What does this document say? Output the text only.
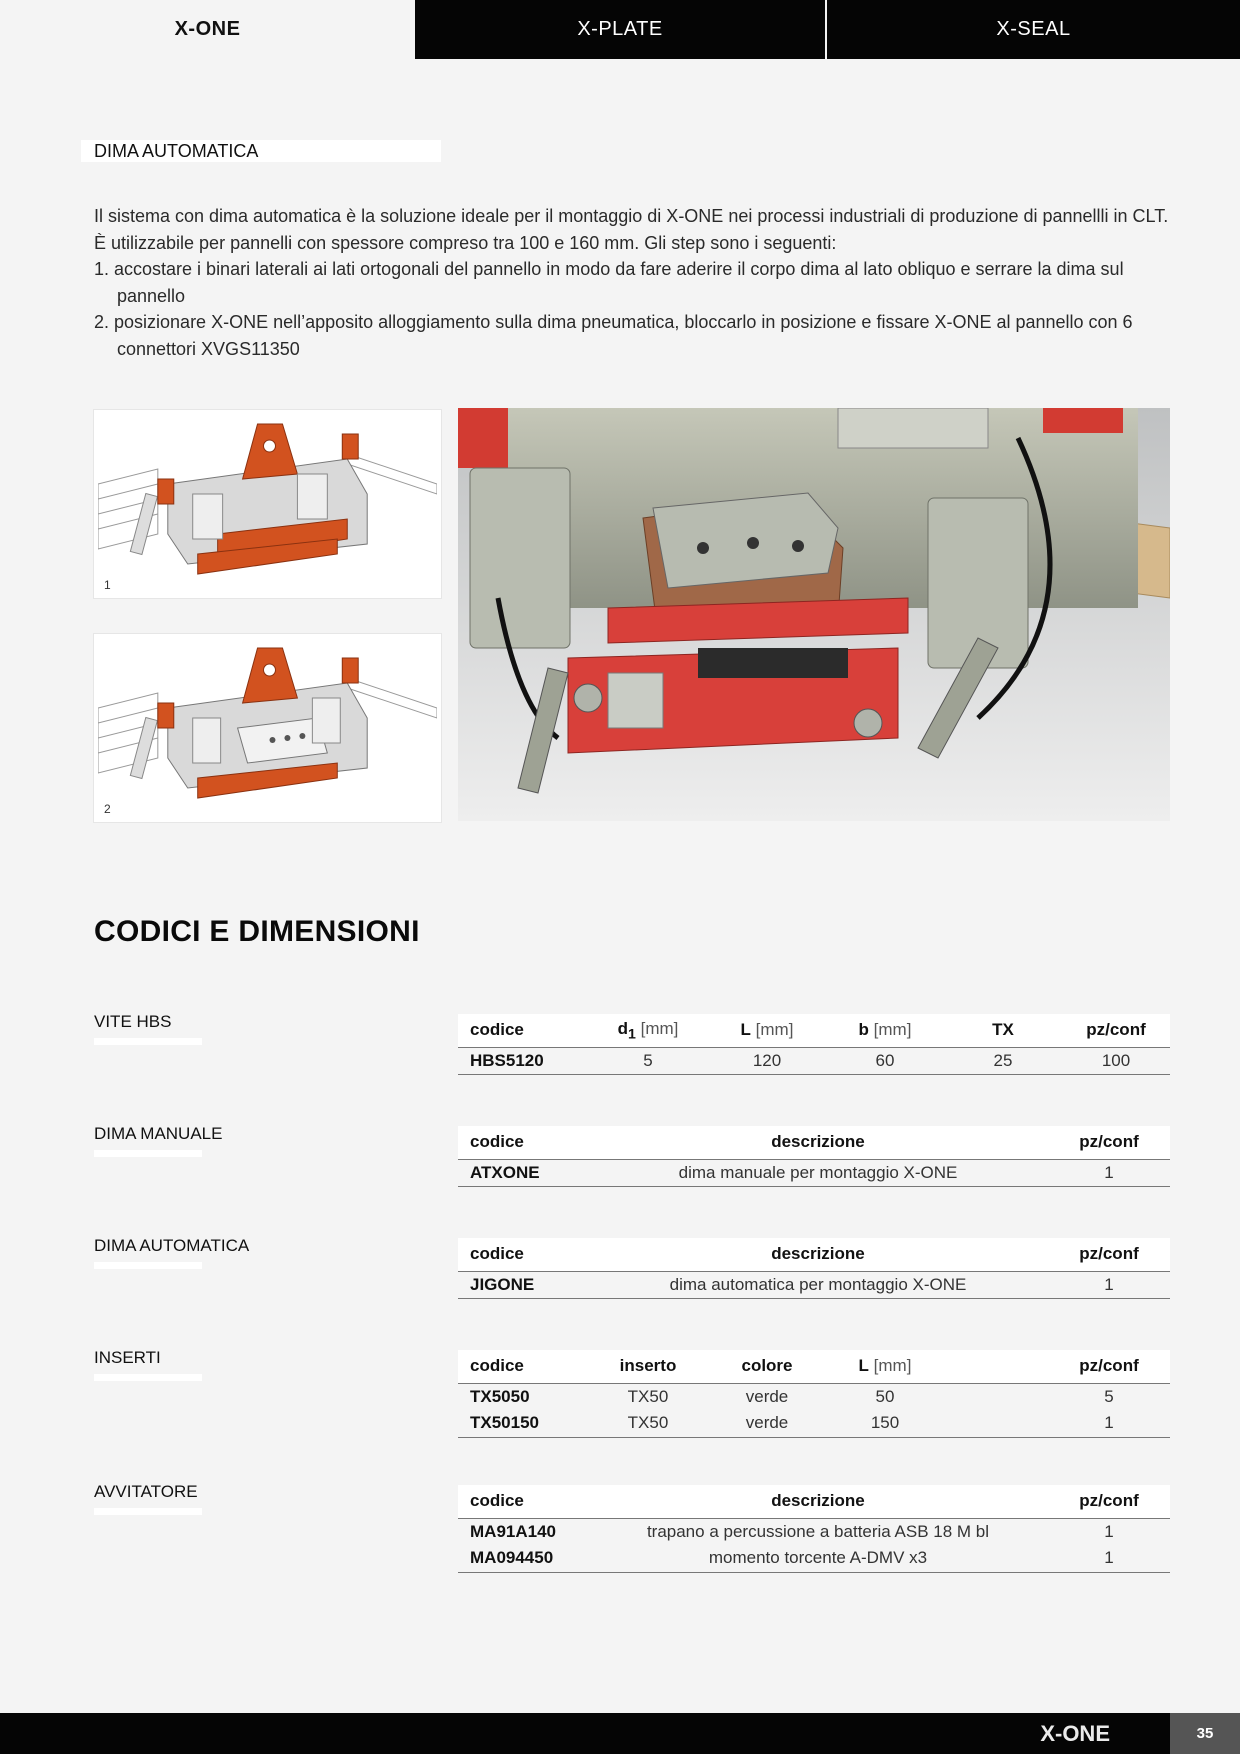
X-ONE	X-PLATE	X-SEAL
DIMA AUTOMATICA

Il sistema con dima automatica è la soluzione ideale per il montaggio di X-ONE nei processi industriali di produzione di pannellli in CLT. È utilizzabile per pannelli con spessore compreso tra 100 e 160 mm. Gli step sono i seguenti:

1. accostare i binari laterali ai lati ortogonali del pannello in modo da fare aderire il corpo dima al lato obliquo e serrare la dima sul pannello
2. posizionare X-ONE nell’apposito alloggiamento sulla dima pneumatica, bloccarlo in posizione e fissare X-ONE al pannello con 6 connettori XVGS11350
1
2
CODICI E DIMENSIONI
VITE HBS	codice	$d_1$ [mm]	L [mm]	b [mm]	TX	pz/conf
HBS5120	5	120	60	25	100
DIMA MANUALE	codice	descrizione	pz/conf
ATXONE	dima manuale per montaggio X-ONE	1
DIMA AUTOMATICA	codice	descrizione	pz/conf
JIGONE	dima automatica per montaggio X-ONE	1
INSERTI	codice	inserto	colore	L [mm]		pz/conf
TX5050	TX50	verde	50		5
TX50150	TX50	verde	150		1
AVVITATORE	codice	descrizione	pz/conf
MA91A140	trapano a percussione a batteria ASB 18 M bl	1
MA094450	momento torcente A-DMV x3	1
X-ONE	35
